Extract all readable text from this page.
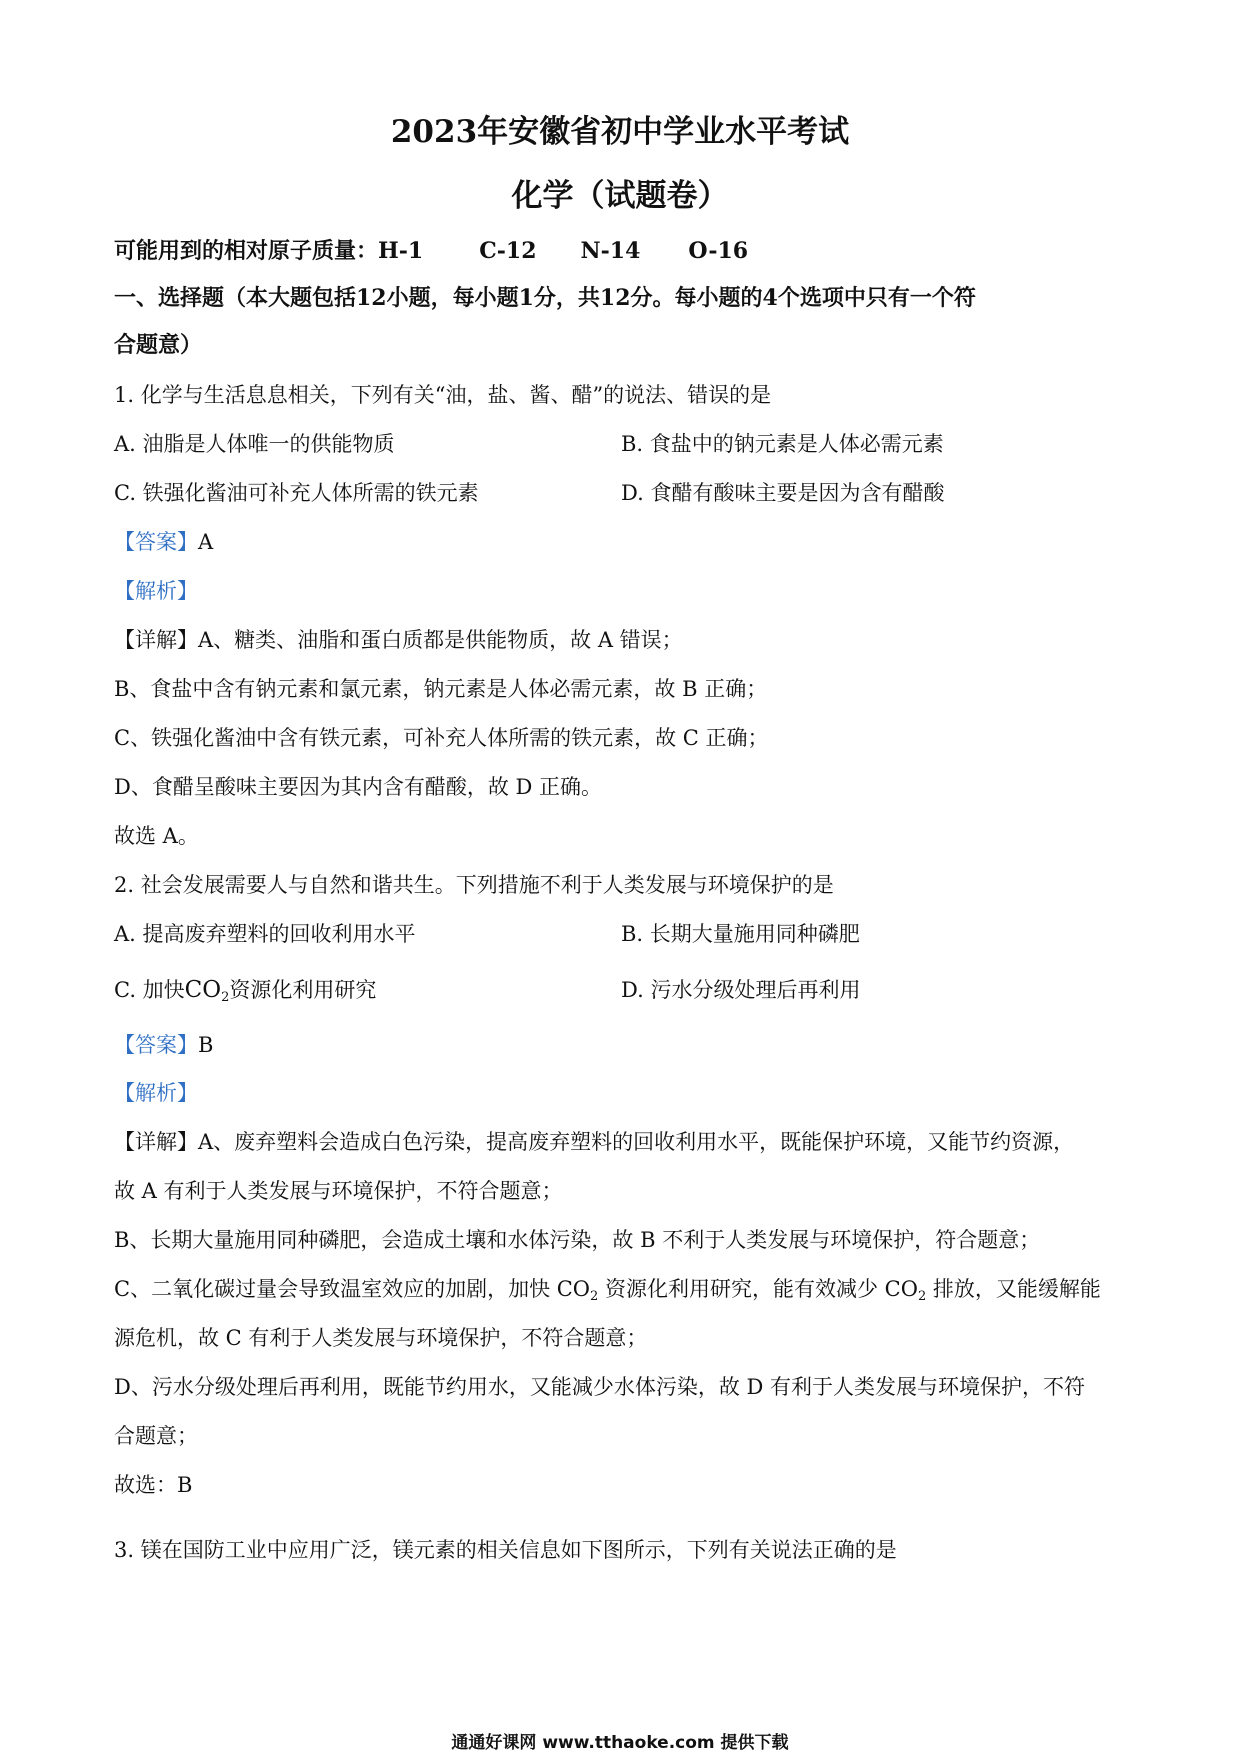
2023年安徽省初中学业水平考试
化学（试题卷）
可能用到的相对原子质量：H-1	C-12 N-14 O-16
一、选择题（本大题包括12小题，每小题1分，共12分。每小题的4个选项中只有一个符
合题意）
1. 化学与生活息息相关，下列有关“油，盐、酱、醋”的说法、错误的是
A. 油脂是人体唯一的供能物质	B. 食盐中的钠元素是人体必需元素
C. 铁强化酱油可补充人体所需的铁元素	D. 食醋有酸味主要是因为含有醋酸
【答案】A
【解析】
【详解】A、糖类、油脂和蛋白质都是供能物质，故 A 错误；
B、食盐中含有钠元素和氯元素，钠元素是人体必需元素，故 B 正确；
C、铁强化酱油中含有铁元素，可补充人体所需的铁元素，故 C 正确；
D、食醋呈酸味主要因为其内含有醋酸，故 D 正确。
故选 A。
2. 社会发展需要人与自然和谐共生。下列措施不利于人类发展与环境保护的是
A. 提高废弃塑料的回收利用水平	B. 长期大量施用同种磷肥
C. 加快$CO_2$资源化利用研究	D. 污水分级处理后再利用
【答案】B
【解析】
【详解】A、废弃塑料会造成白色污染，提高废弃塑料的回收利用水平，既能保护环境，又能节约资源，
故 A 有利于人类发展与环境保护，不符合题意；
B、长期大量施用同种磷肥，会造成土壤和水体污染，故 B 不利于人类发展与环境保护，符合题意；
C、二氧化碳过量会导致温室效应的加剧，加快 $CO_2$ 资源化利用研究，能有效减少 $CO_2$ 排放，又能缓解能
源危机，故 C 有利于人类发展与环境保护，不符合题意；
D、污水分级处理后再利用，既能节约用水，又能减少水体污染，故 D 有利于人类发展与环境保护，不符
合题意；
故选：B
3. 镁在国防工业中应用广泛，镁元素的相关信息如下图所示，下列有关说法正确的是
通通好课网 www.tthaoke.com 提供下载
